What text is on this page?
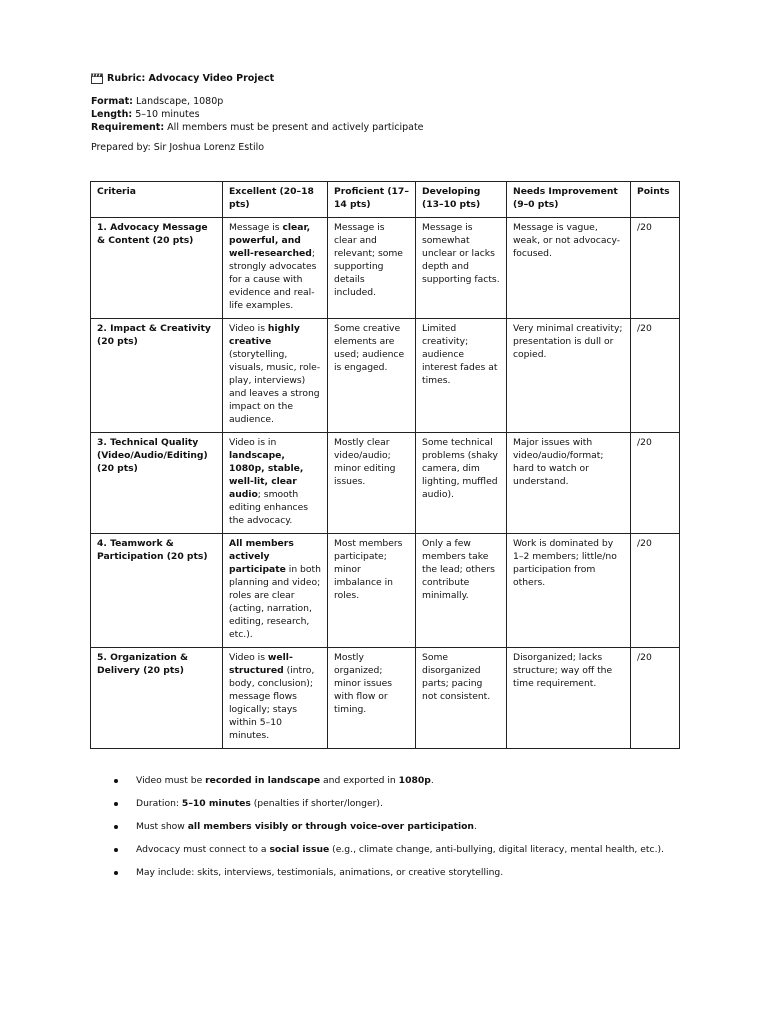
Rubric: Advocacy Video Project
Format: Landscape, 1080p
Length: 5–10 minutes
Requirement: All members must be present and actively participate
Prepared by: Sir Joshua Lorenz Estilo
Criteria	Excellent (20–18 pts)	Proficient (17–14 pts)	Developing (13–10 pts)	Needs Improvement (9–0 pts)	Points
1. Advocacy Message & Content (20 pts)	Message is clear, powerful, and well-researched; strongly advocates for a cause with evidence and real-life examples.	Message is clear and relevant; some supporting details included.	Message is somewhat unclear or lacks depth and supporting facts.	Message is vague, weak, or not advocacy-focused.	/20
2. Impact & Creativity (20 pts)	Video is highly creative (storytelling, visuals, music, role-play, interviews) and leaves a strong impact on the audience.	Some creative elements are used; audience is engaged.	Limited creativity; audience interest fades at times.	Very minimal creativity; presentation is dull or copied.	/20
3. Technical Quality (Video/Audio/Editing) (20 pts)	Video is in landscape, 1080p, stable, well-lit, clear audio; smooth editing enhances the advocacy.	Mostly clear video/audio; minor editing issues.	Some technical problems (shaky camera, dim lighting, muffled audio).	Major issues with video/audio/format; hard to watch or understand.	/20
4. Teamwork & Participation (20 pts)	All members actively participate in both planning and video; roles are clear (acting, narration, editing, research, etc.).	Most members participate; minor imbalance in roles.	Only a few members take the lead; others contribute minimally.	Work is dominated by 1–2 members; little/no participation from others.	/20
5. Organization & Delivery (20 pts)	Video is well-structured (intro, body, conclusion); message flows logically; stays within 5–10 minutes.	Mostly organized; minor issues with flow or timing.	Some disorganized parts; pacing not consistent.	Disorganized; lacks structure; way off the time requirement.	/20
Video must be recorded in landscape and exported in 1080p.
Duration: 5–10 minutes (penalties if shorter/longer).
Must show all members visibly or through voice-over participation.
Advocacy must connect to a social issue (e.g., climate change, anti-bullying, digital literacy, mental health, etc.).
May include: skits, interviews, testimonials, animations, or creative storytelling.
